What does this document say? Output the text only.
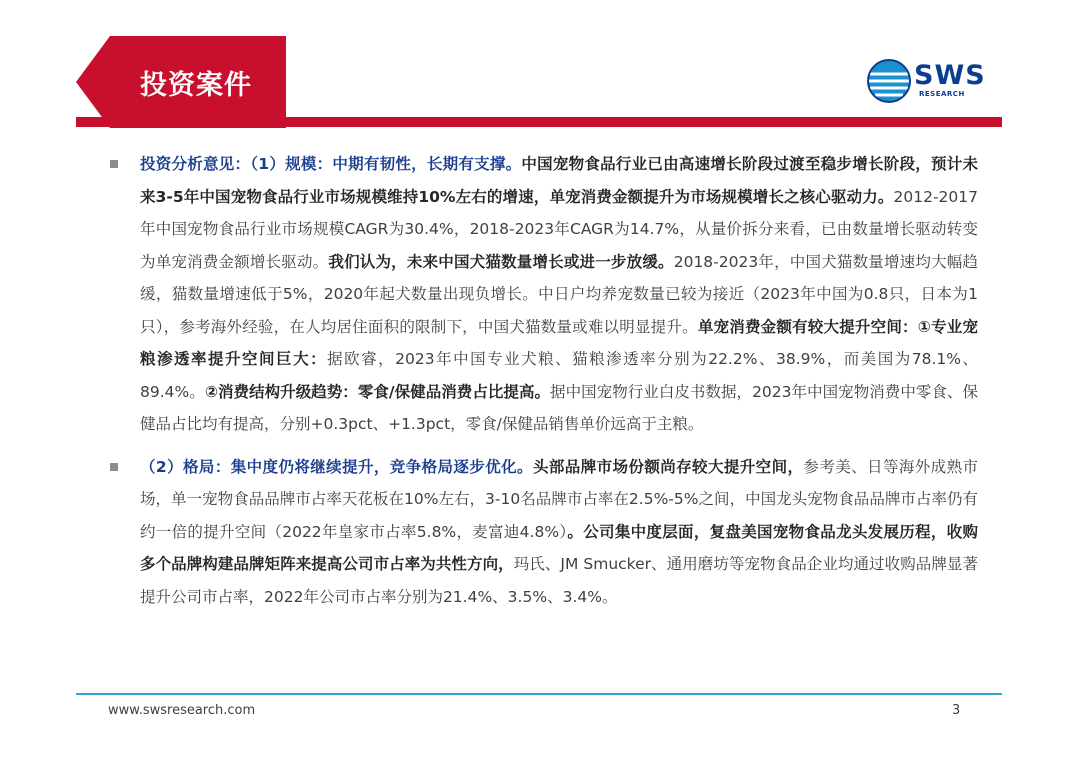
投资案件	SWS
RESEARCH
投资分析意见：（1）规模：中期有韧性，长期有支撑。中国宠物食品行业已由高速增长阶段过渡至稳步增长阶段，预计未来3-5年中国宠物食品行业市场规模维持10%左右的增速，单宠消费金额提升为市场规模增长之核心驱动力。2012-2017年中国宠物食品行业市场规模CAGR为30.4%，2018-2023年CAGR为14.7%，从量价拆分来看，已由数量增长驱动转变为单宠消费金额增长驱动。我们认为，未来中国犬猫数量增长或进一步放缓。2018-2023年，中国犬猫数量增速均大幅趋缓，猫数量增速低于5%，2020年起犬数量出现负增长。中日户均养宠数量已较为接近（2023年中国为0.8只，日本为1只），参考海外经验，在人均居住面积的限制下，中国犬猫数量或难以明显提升。单宠消费金额有较大提升空间：①专业宠粮渗透率提升空间巨大：据欧睿，2023年中国专业犬粮、猫粮渗透率分别为22.2%、38.9%，而美国为78.1%、89.4%。②消费结构升级趋势：零食/保健品消费占比提高。据中国宠物行业白皮书数据，2023年中国宠物消费中零食、保健品占比均有提高，分别+0.3pct、+1.3pct，零食/保健品销售单价远高于主粮。
（2）格局：集中度仍将继续提升，竞争格局逐步优化。头部品牌市场份额尚存较大提升空间，参考美、日等海外成熟市场，单一宠物食品品牌市占率天花板在10%左右，3-10名品牌市占率在2.5%-5%之间，中国龙头宠物食品品牌市占率仍有约一倍的提升空间（2022年皇家市占率5.8%，麦富迪4.8%）。公司集中度层面，复盘美国宠物食品龙头发展历程，收购多个品牌构建品牌矩阵来提高公司市占率为共性方向，玛氏、JM Smucker、通用磨坊等宠物食品企业均通过收购品牌显著提升公司市占率，2022年公司市占率分别为21.4%、3.5%、3.4%。
www.swsresearch.com	3
